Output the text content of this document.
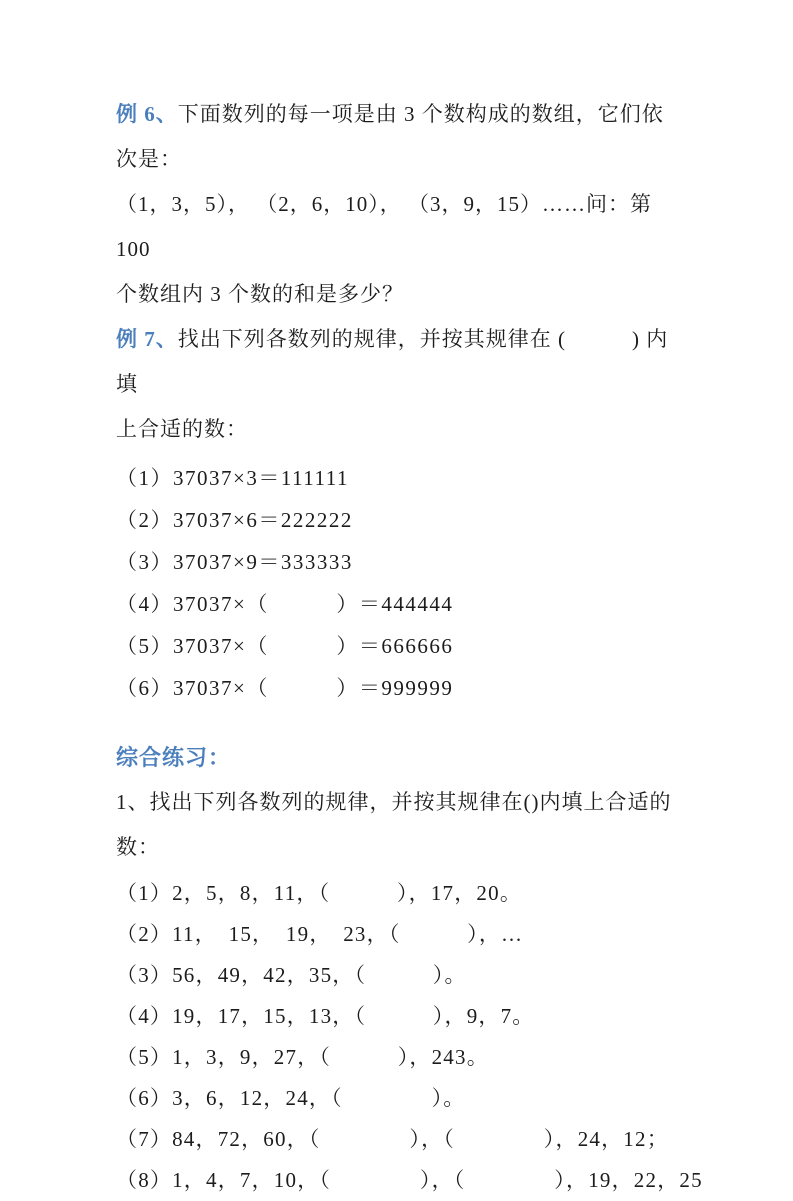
例 6、下面数列的每一项是由 3 个数构成的数组，它们依次是：

（1，3，5）， （2，6，10）， （3，9，15）……问：第 100

个数组内 3 个数的和是多少？

例 7、找出下列各数列的规律，并按其规律在 (　　　) 内填

上合适的数：

（1）37037×3＝111111
（2）37037×6＝222222
（3）37037×9＝333333
（4）37037×（　　　）＝444444
（5）37037×（　　　）＝666666
（6）37037×（　　　）＝999999
综合练习：

1、找出下列各数列的规律，并按其规律在()内填上合适的数：

（1）2，5，8，11，（　　　），17，20。
（2）11，　15，　19，　23，（　　　），…
（3）56，49，42，35，（　　　）。
（4）19，17，15，13，（　　　），9，7。
（5）1，3，9，27，（　　　），243。
（6）3，6，12，24，（　　　　）。
（7）84，72，60，（　　　　），（　　　　），24，12；
（8）1，4，7，10，（　　　　），（　　　　），19，22，25
